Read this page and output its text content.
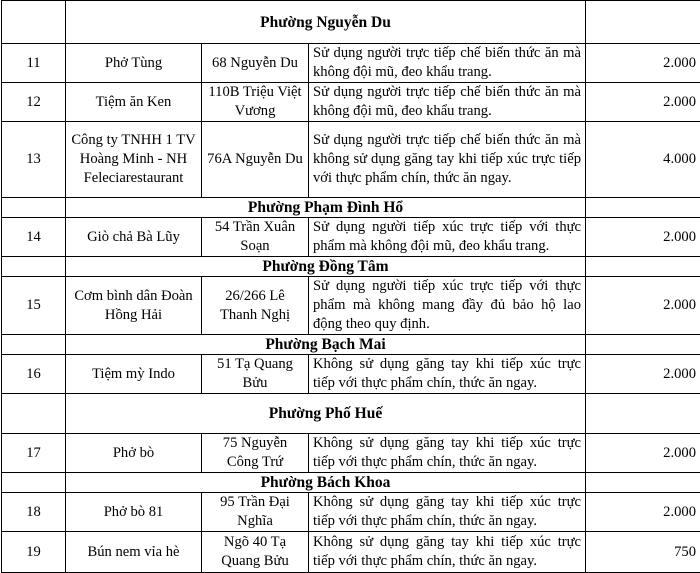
	Phường Nguyễn Du			
11	Phở Tùng	68 Nguyễn Du	Sử dụng người trực tiếp chế biến thức ăn mà không đội mũ, đeo khẩu trang.	2.000
12	Tiệm ăn Ken	110B Triệu Việt Vương	Sử dụng người trực tiếp chế biến thức ăn mà không đội mũ, đeo khẩu trang.	2.000
13	Công ty TNHH 1 TV Hoàng Minh - NH Feleciarestaurant	76A Nguyễn Du	Sử dụng người trực tiếp chế biến thức ăn mà không sử dụng găng tay khi tiếp xúc trực tiếp với thực phẩm chín, thức ăn ngay.	4.000
	Phường Phạm Đình Hổ			
14	Giò chả Bà Lũy	54 Trần Xuân Soạn	Sử dụng người tiếp xúc trực tiếp với thực phẩm mà không đội mũ, đeo khẩu trang.	2.000
	Phường Đồng Tâm			
15	Cơm bình dân Đoàn Hồng Hải	26/266 Lê Thanh Nghị	Sử dụng người tiếp xúc trực tiếp với thực phẩm mà không mang đầy đủ bảo hộ lao động theo quy định.	2.000
	Phường Bạch Mai			
16	Tiệm mỳ Indo	51 Tạ Quang Bửu	Không sử dụng găng tay khi tiếp xúc trực tiếp với thực phẩm chín, thức ăn ngay.	2.000
	Phường Phố Huế			
17	Phở bò	75 Nguyễn Công Trứ	Không sử dụng găng tay khi tiếp xúc trực tiếp với thực phẩm chín, thức ăn ngay.	2.000
	Phường Bách Khoa			
18	Phở bò 81	95 Trần Đại Nghĩa	Không sử dụng găng tay khi tiếp xúc trực tiếp với thực phẩm chín, thức ăn ngay.	2.000
19	Bún nem vỉa hè	Ngõ 40 Tạ Quang Bửu	Không sử dụng găng tay khi tiếp xúc trực tiếp với thực phẩm chín, thức ăn ngay.	750
